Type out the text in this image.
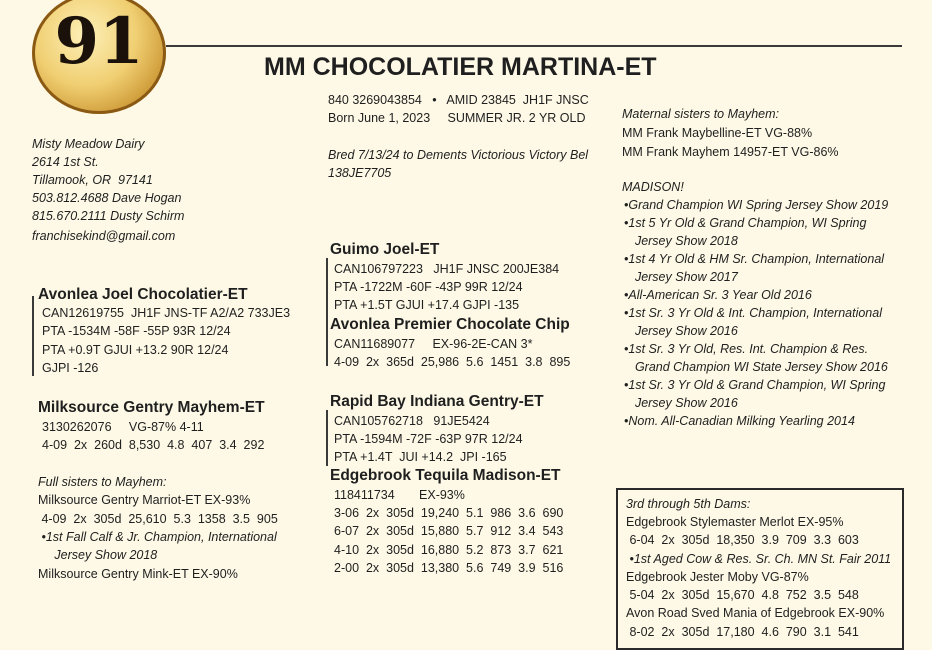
91	MM CHOCOLATIER MARTINA-ET
Misty Meadow Dairy
2614 1st St.
Tillamook, OR  97141
503.812.4688 Dave Hogan
815.670.2111 Dusty Schirm
franchisekind@gmail.com
840 3269043854   •   AMID 23845  JH1F JNSC
Born June 1, 2023     SUMMER JR. 2 YR OLD
Bred 7/13/24 to Dements Victorious Victory Bel
138JE7705
Avonlea Joel Chocolatier-ET
CAN12619755  JH1F JNS-TF A2/A2 733JE3
PTA -1534M -58F -55P 93R 12/24
PTA +0.9T GJUI +13.2 90R 12/24
GJPI -126
Milksource Gentry Mayhem-ET
3130262076     VG-87% 4-11
4-09  2x  260d  8,530  4.8  407  3.4  292
Full sisters to Mayhem:
Milksource Gentry Marriot-ET EX-93%
4-09  2x  305d  25,610  5.3  1358  3.5  905
•1st Fall Calf & Jr. Champion, International
Jersey Show 2018
Milksource Gentry Mink-ET EX-90%
Guimo Joel-ET
CAN106797223   JH1F JNSC 200JE384
PTA -1722M -60F -43P 99R 12/24
PTA +1.5T GJUI +17.4 GJPI -135
Avonlea Premier Chocolate Chip
CAN11689077     EX-96-2E-CAN 3*
4-09  2x  365d  25,986  5.6  1451  3.8  895
Rapid Bay Indiana Gentry-ET
CAN105762718   91JE5424
PTA -1594M -72F -63P 97R 12/24
PTA +1.4T  JUI +14.2  JPI -165
Edgebrook Tequila Madison-ET
118411734       EX-93%
3-06  2x  305d  19,240  5.1  986  3.6  690
6-07  2x  305d  15,880  5.7  912  3.4  543
4-10  2x  305d  16,880  5.2  873  3.7  621
2-00  2x  305d  13,380  5.6  749  3.9  516
Maternal sisters to Mayhem:
MM Frank Maybelline-ET VG-88%
MM Frank Mayhem 14957-ET VG-86%
MADISON!
•Grand Champion WI Spring Jersey Show 2019
•1st 5 Yr Old & Grand Champion, WI Spring
Jersey Show 2018
•1st 4 Yr Old & HM Sr. Champion, International
Jersey Show 2017
•All-American Sr. 3 Year Old 2016
•1st Sr. 3 Yr Old & Int. Champion, International
Jersey Show 2016
•1st Sr. 3 Yr Old, Res. Int. Champion & Res.
Grand Champion WI State Jersey Show 2016
•1st Sr. 3 Yr Old & Grand Champion, WI Spring
Jersey Show 2016
•Nom. All-Canadian Milking Yearling 2014
3rd through 5th Dams:
Edgebrook Stylemaster Merlot EX-95%
6-04  2x  305d  18,350  3.9  709  3.3  603
•1st Aged Cow & Res. Sr. Ch. MN St. Fair 2011
Edgebrook Jester Moby VG-87%
5-04  2x  305d  15,670  4.8  752  3.5  548
Avon Road Sved Mania of Edgebrook EX-90%
8-02  2x  305d  17,180  4.6  790  3.1  541
